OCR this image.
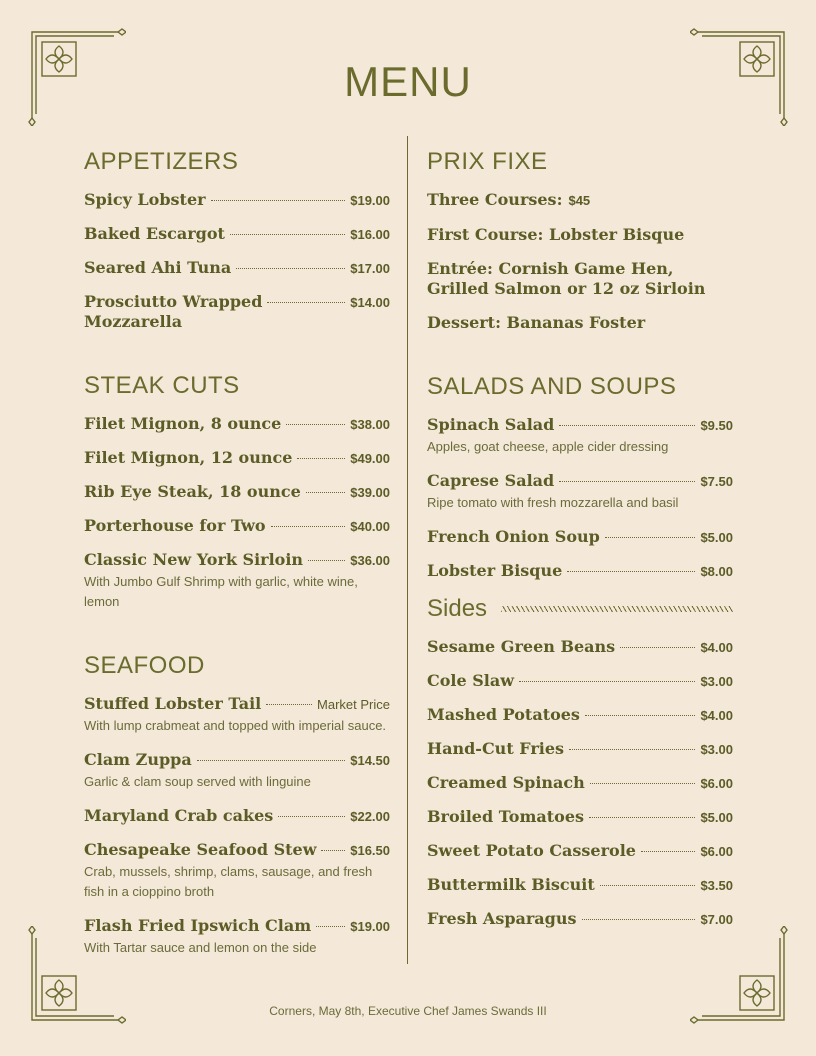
MENU
APPETIZERS
Spicy Lobster	$19.00
Baked Escargot	$16.00
Seared Ahi Tuna	$17.00
Prosciutto Wrapped	$14.00
Mozzarella
STEAK CUTS
Filet Mignon, 8 ounce	$38.00
Filet Mignon, 12 ounce	$49.00
Rib Eye Steak, 18 ounce	$39.00
Porterhouse for Two	$40.00
Classic New York Sirloin	$36.00
With Jumbo Gulf Shrimp with garlic, white wine, lemon
SEAFOOD
Stuffed Lobster Tail	Market Price
With lump crabmeat and topped with imperial sauce.
Clam Zuppa	$14.50
Garlic & clam soup served with linguine
Maryland Crab cakes	$22.00
Chesapeake Seafood Stew	$16.50
Crab, mussels, shrimp, clams, sausage, and fresh fish in a cioppino broth
Flash Fried Ipswich Clam	$19.00
With Tartar sauce and lemon on the side
PRIX FIXE
Three Courses: $45
First Course: Lobster Bisque
Entrée: Cornish Game Hen, Grilled Salmon or 12 oz Sirloin
Dessert: Bananas Foster
SALADS AND SOUPS
Spinach Salad	$9.50
Apples, goat cheese, apple cider dressing
Caprese Salad	$7.50
Ripe tomato with fresh mozzarella and basil
French Onion Soup	$5.00
Lobster Bisque	$8.00
Sides
Sesame Green Beans	$4.00
Cole Slaw	$3.00
Mashed Potatoes	$4.00
Hand-Cut Fries	$3.00
Creamed Spinach	$6.00
Broiled Tomatoes	$5.00
Sweet Potato Casserole	$6.00
Buttermilk Biscuit	$3.50
Fresh Asparagus	$7.00
Corners, May 8th, Executive Chef James Swands III
